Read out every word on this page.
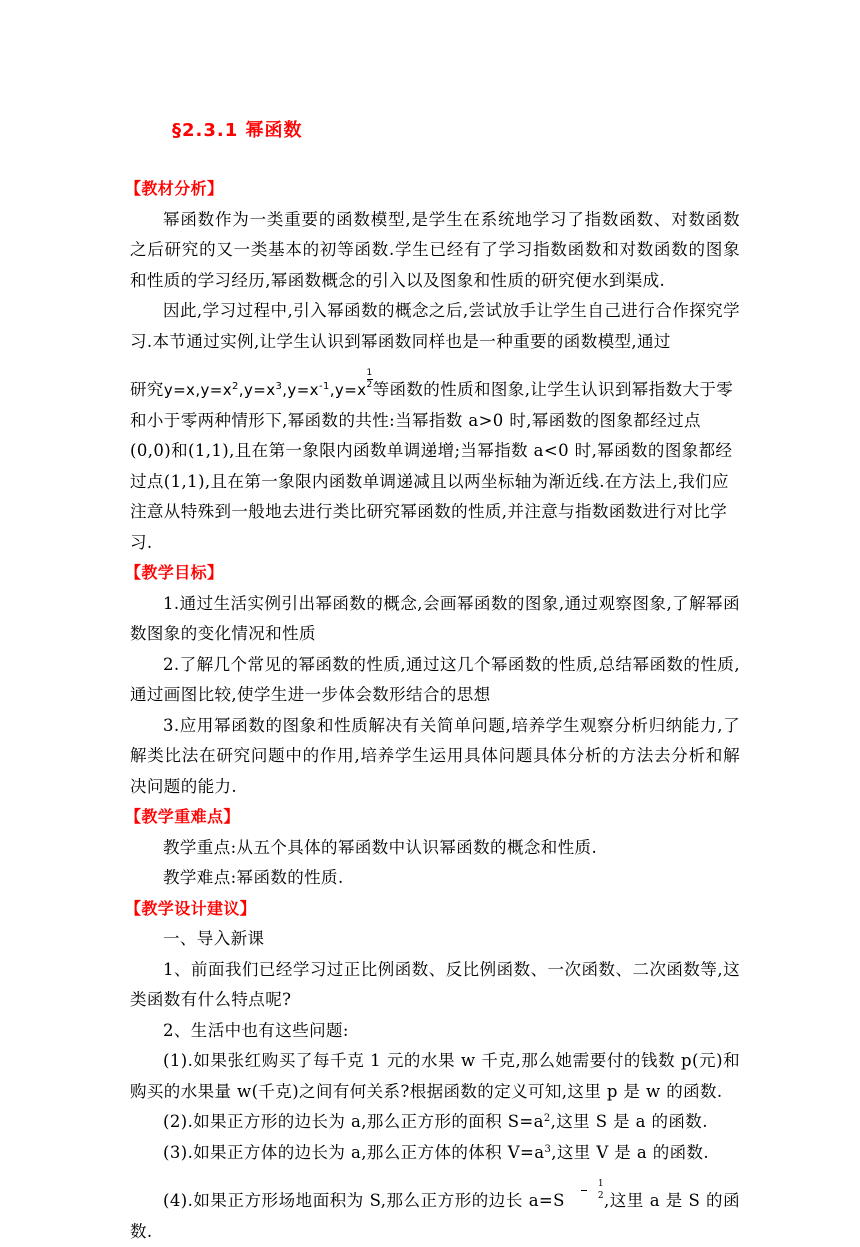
§2.3.1 幂函数
【教材分析】
幂函数作为一类重要的函数模型,是学生在系统地学习了指数函数、对数函数之后研究的又一类基本的初等函数.学生已经有了学习指数函数和对数函数的图象和性质的学习经历,幂函数概念的引入以及图象和性质的研究便水到渠成.
因此,学习过程中,引入幂函数的概念之后,尝试放手让学生自己进行合作探究学习.本节通过实例,让学生认识到幂函数同样也是一种重要的函数模型,通过
研究$y=x,y=x^2,y=x^3,y=x^{-1},y=x \frac{1}{2}$ 等函数的性质和图象,让学生认识到幂指数大于零和小于零两种情形下,幂函数的共性:当幂指数 a>0 时,幂函数的图象都经过点(0,0)和(1,1),且在第一象限内函数单调递增;当幂指数 a<0 时,幂函数的图象都经过点(1,1),且在第一象限内函数单调递减且以两坐标轴为渐近线.在方法上,我们应注意从特殊到一般地去进行类比研究幂函数的性质,并注意与指数函数进行对比学习.
【教学目标】
1.通过生活实例引出幂函数的概念,会画幂函数的图象,通过观察图象,了解幂函数图象的变化情况和性质
2.了解几个常见的幂函数的性质,通过这几个幂函数的性质,总结幂函数的性质,通过画图比较,使学生进一步体会数形结合的思想
3.应用幂函数的图象和性质解决有关简单问题,培养学生观察分析归纳能力,了解类比法在研究问题中的作用,培养学生运用具体问题具体分析的方法去分析和解决问题的能力.
【教学重难点】
教学重点:从五个具体的幂函数中认识幂函数的概念和性质.
教学难点:幂函数的性质.
【教学设计建议】
一、导入新课
1、前面我们已经学习过正比例函数、反比例函数、一次函数、二次函数等,这类函数有什么特点呢?
2、生活中也有这些问题:
(1).如果张红购买了每千克 1 元的水果 w 千克,那么她需要付的钱数 p(元)和购买的水果量 w(千克)之间有何关系?根据函数的定义可知,这里 p 是 w 的函数.
(2).如果正方形的边长为 a,那么正方形的面积 $S=a^2$,这里 S 是 a 的函数.
(3).如果正方体的边长为 a,那么正方体的体积 $V=a^3$,这里 V 是 a 的函数.
(4).如果正方形场地面积为 S,那么正方形的边长 $a=S \frac{1}{2}$ ,这里 a 是 S 的函数.
